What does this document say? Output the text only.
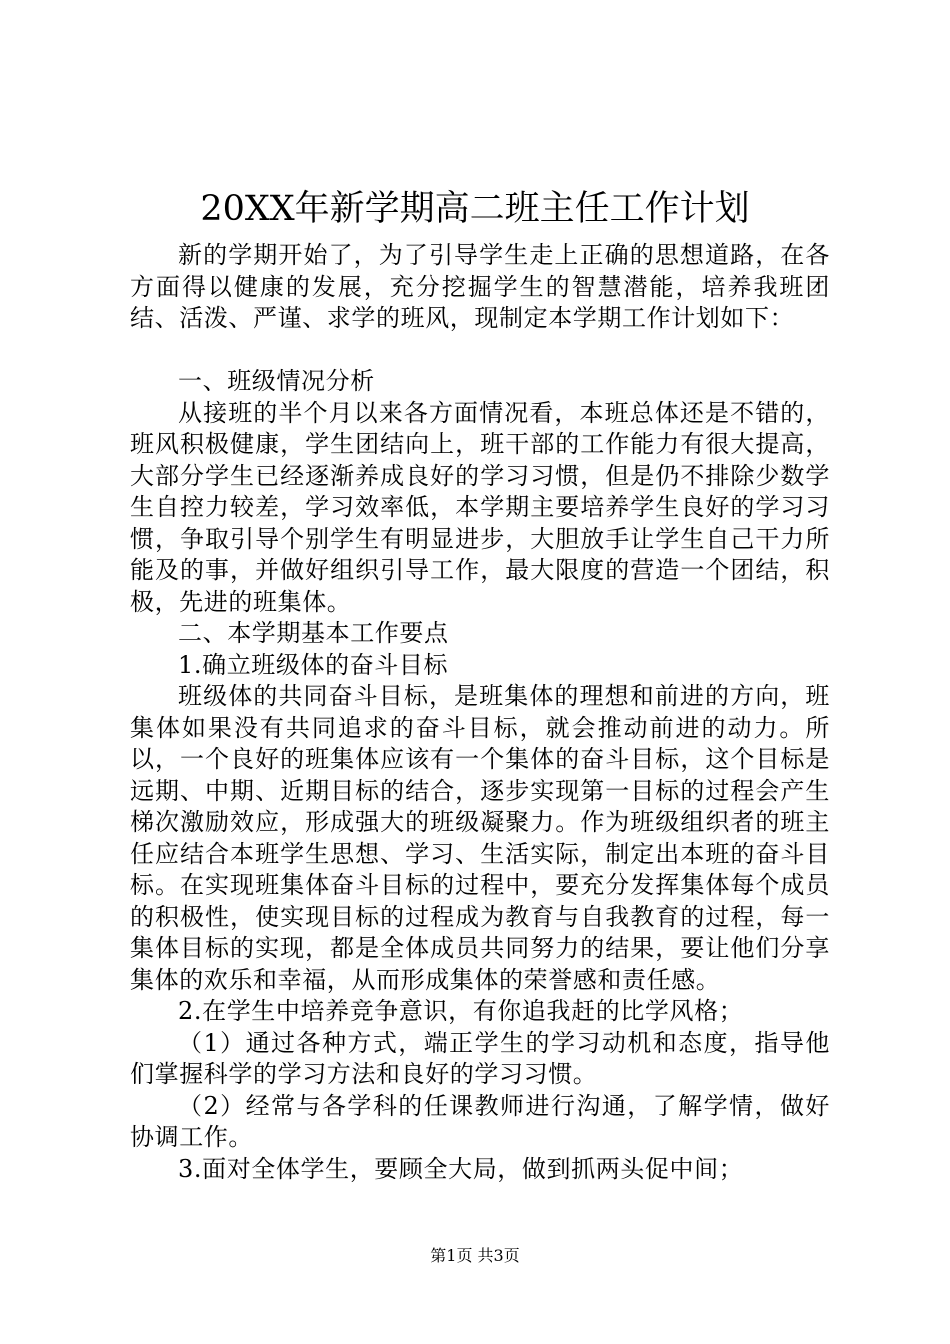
20XX年新学期高二班主任工作计划

新的学期开始了，为了引导学生走上正确的思想道路，在各方面得以健康的发展，充分挖掘学生的智慧潜能，培养我班团结、活泼、严谨、求学的班风，现制定本学期工作计划如下：

一、班级情况分析

从接班的半个月以来各方面情况看，本班总体还是不错的，班风积极健康，学生团结向上，班干部的工作能力有很大提高，大部分学生已经逐渐养成良好的学习习惯，但是仍不排除少数学生自控力较差，学习效率低，本学期主要培养学生良好的学习习惯，争取引导个别学生有明显进步，大胆放手让学生自己干力所能及的事，并做好组织引导工作，最大限度的营造一个团结，积极，先进的班集体。

二、本学期基本工作要点

1.确立班级体的奋斗目标

班级体的共同奋斗目标，是班集体的理想和前进的方向，班集体如果没有共同追求的奋斗目标，就会推动前进的动力。所以，一个良好的班集体应该有一个集体的奋斗目标，这个目标是远期、中期、近期目标的结合，逐步实现第一目标的过程会产生梯次激励效应，形成强大的班级凝聚力。作为班级组织者的班主任应结合本班学生思想、学习、生活实际，制定出本班的奋斗目标。在实现班集体奋斗目标的过程中，要充分发挥集体每个成员的积极性，使实现目标的过程成为教育与自我教育的过程，每一集体目标的实现，都是全体成员共同努力的结果，要让他们分享集体的欢乐和幸福，从而形成集体的荣誉感和责任感。

2.在学生中培养竞争意识，有你追我赶的比学风格；

（1）通过各种方式，端正学生的学习动机和态度，指导他们掌握科学的学习方法和良好的学习习惯。

（2）经常与各学科的任课教师进行沟通，了解学情，做好协调工作。

3.面对全体学生，要顾全大局，做到抓两头促中间；

第1页 共3页
